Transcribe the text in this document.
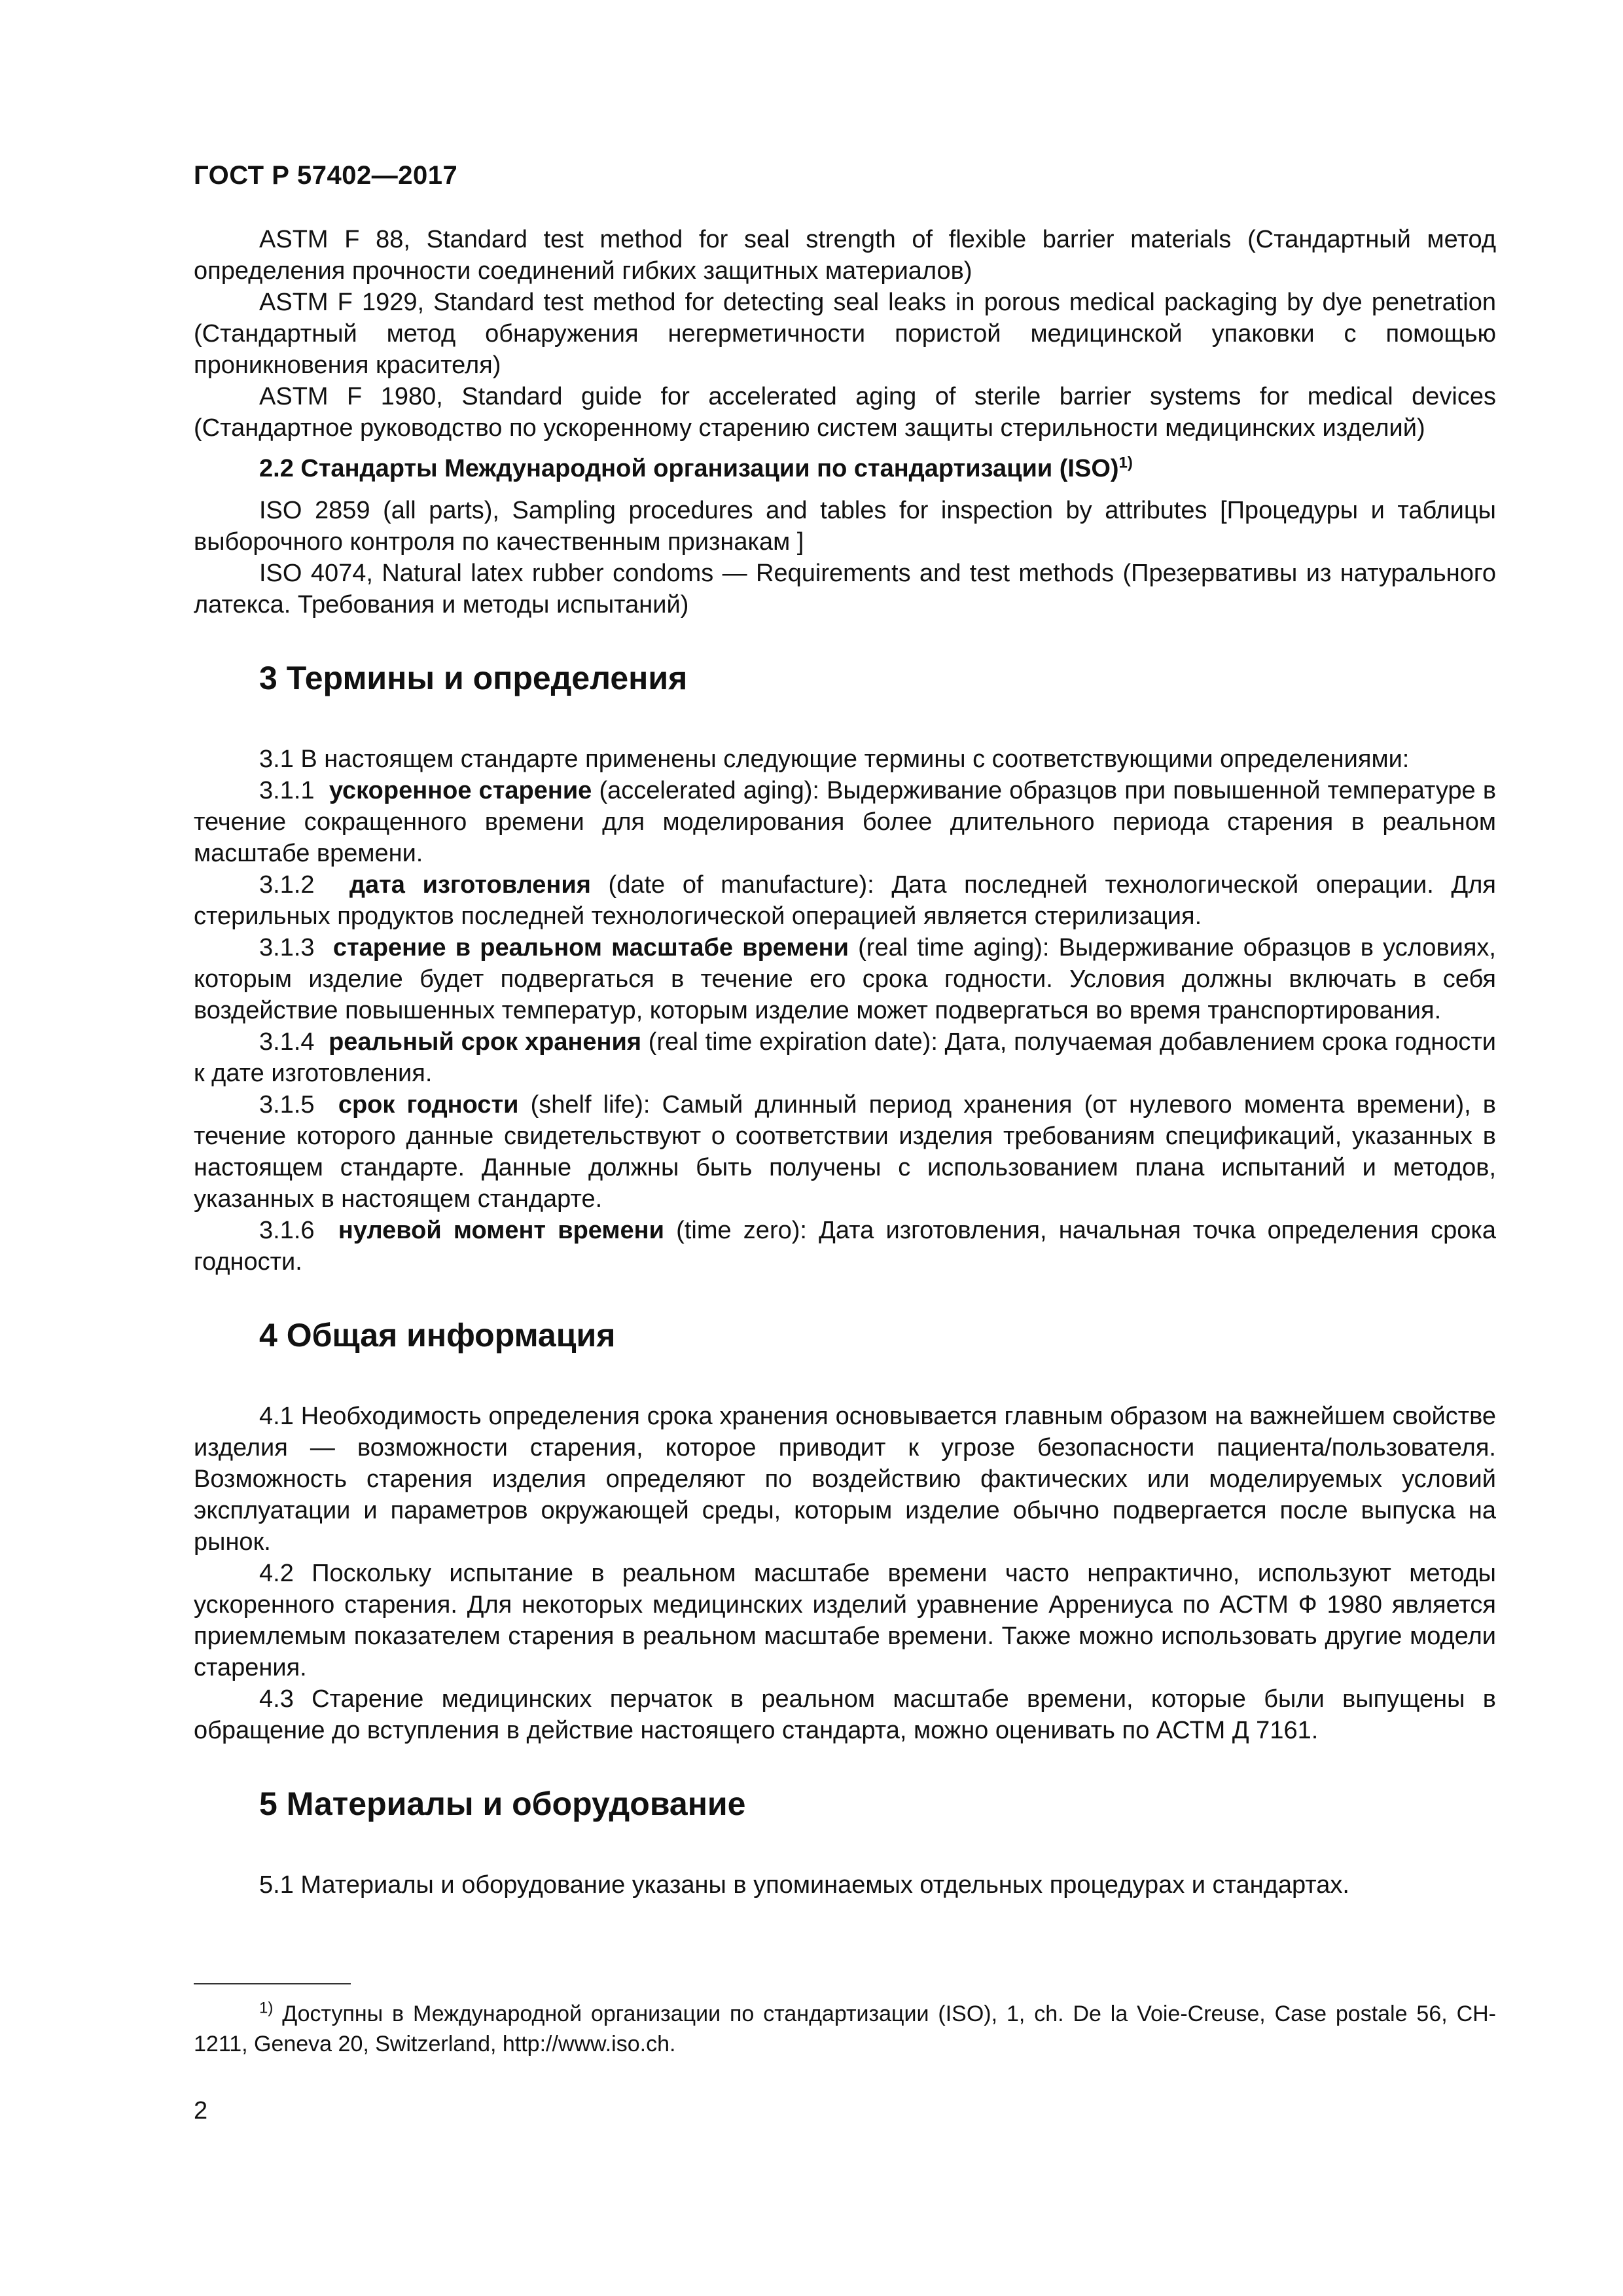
ГОСТ Р 57402—2017

ASTM F 88, Standard test method for seal strength of flexible barrier materials (Стандартный метод определения прочности соединений гибких защитных материалов)

ASTM F 1929, Standard test method for detecting seal leaks in porous medical packaging by dye penetration (Стандартный метод обнаружения негерметичности пористой медицинской упаковки с помощью проникновения красителя)

ASTM F 1980, Standard guide for accelerated aging of sterile barrier systems for medical devices (Стандартное руководство по ускоренному старению систем защиты стерильности медицинских изделий)

2.2 Стандарты Международной организации по стандартизации (ISO)$^{1)}$

ISO 2859 (all parts), Sampling procedures and tables for inspection by attributes [Процедуры и таблицы выборочного контроля по качественным признакам ]

ISO 4074, Natural latex rubber condoms — Requirements and test methods (Презервативы из натурального латекса. Требования и методы испытаний)

3 Термины и определения

3.1 В настоящем стандарте применены следующие термины с соответствующими определениями:

3.1.1 ускоренное старение (accelerated aging): Выдерживание образцов при повышенной температуре в течение сокращенного времени для моделирования более длительного периода старения в реальном масштабе времени.

3.1.2 дата изготовления (date of manufacture): Дата последней технологической операции. Для стерильных продуктов последней технологической операцией является стерилизация.

3.1.3 старение в реальном масштабе времени (real time aging): Выдерживание образцов в условиях, которым изделие будет подвергаться в течение его срока годности. Условия должны включать в себя воздействие повышенных температур, которым изделие может подвергаться во время транспортирования.

3.1.4 реальный срок хранения (real time expiration date): Дата, получаемая добавлением срока годности к дате изготовления.

3.1.5 срок годности (shelf life): Самый длинный период хранения (от нулевого момента времени), в течение которого данные свидетельствуют о соответствии изделия требованиям спецификаций, указанных в настоящем стандарте. Данные должны быть получены с использованием плана испытаний и методов, указанных в настоящем стандарте.

3.1.6 нулевой момент времени (time zero): Дата изготовления, начальная точка определения срока годности.

4 Общая информация

4.1 Необходимость определения срока хранения основывается главным образом на важнейшем свойстве изделия — возможности старения, которое приводит к угрозе безопасности пациента/пользователя. Возможность старения изделия определяют по воздействию фактических или моделируемых условий эксплуатации и параметров окружающей среды, которым изделие обычно подвергается после выпуска на рынок.

4.2 Поскольку испытание в реальном масштабе времени часто непрактично, используют методы ускоренного старения. Для некоторых медицинских изделий уравнение Аррениуса по АСТМ Ф 1980 является приемлемым показателем старения в реальном масштабе времени. Также можно использовать другие модели старения.

4.3 Старение медицинских перчаток в реальном масштабе времени, которые были выпущены в обращение до вступления в действие настоящего стандарта, можно оценивать по АСТМ Д 7161.

5 Материалы и оборудование

5.1 Материалы и оборудование указаны в упоминаемых отдельных процедурах и стандартах.

$^{1)}$ Доступны в Международной организации по стандартизации (ISO), 1, ch. De la Voie-Creuse, Case postale 56, CH-1211, Geneva 20, Switzerland, http://www.iso.ch.
2
